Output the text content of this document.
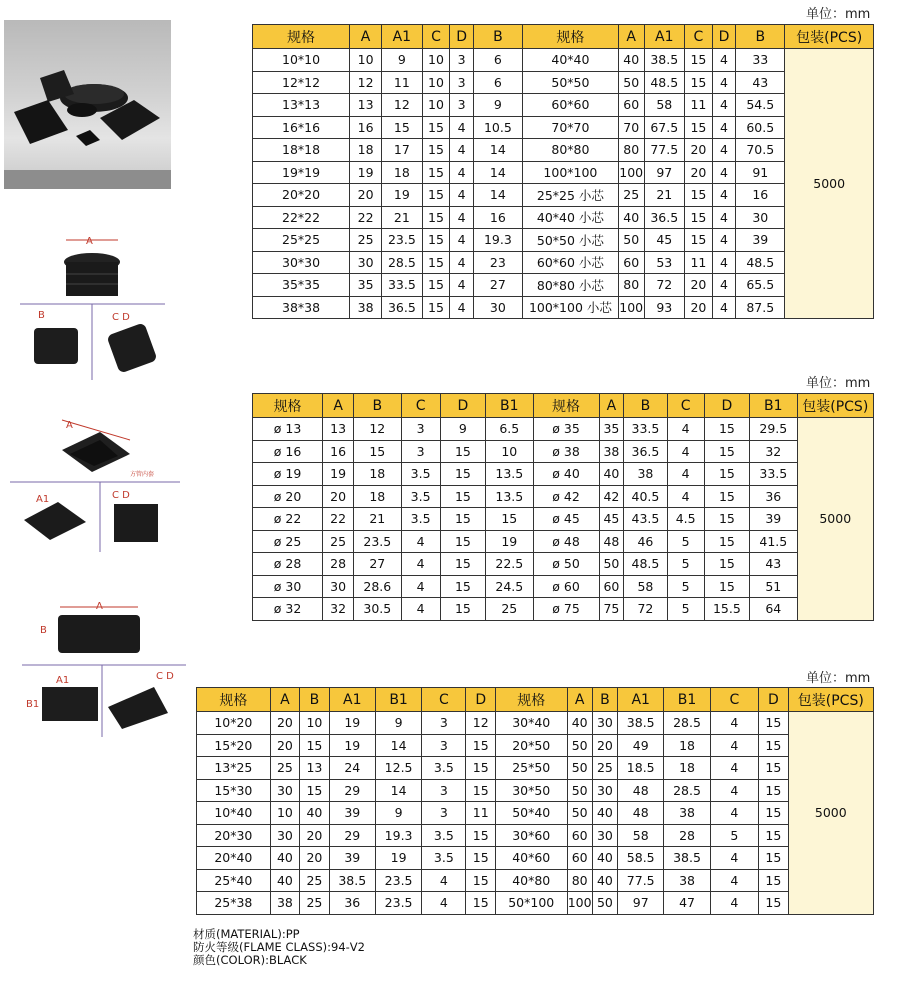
A
B	C D
A
方管内套
A1	C D
A
B
A1
B1
C D
单位：mm
单位：mm
单位：mm
规格	A	A1	C	D	B	规格	A	A1	C	D	B	包装(PCS)
10*10	10	9	10	3	6	40*40	40	38.5	15	4	33	5000
12*12	12	11	10	3	6	50*50	50	48.5	15	4	43	
13*13	13	12	10	3	9	60*60	60	58	11	4	54.5	
16*16	16	15	15	4	10.5	70*70	70	67.5	15	4	60.5	
18*18	18	17	15	4	14	80*80	80	77.5	20	4	70.5	
19*19	19	18	15	4	14	100*100	100	97	20	4	91	
20*20	20	19	15	4	14	25*25 小芯	25	21	15	4	16	
22*22	22	21	15	4	16	40*40 小芯	40	36.5	15	4	30	
25*25	25	23.5	15	4	19.3	50*50 小芯	50	45	15	4	39	
30*30	30	28.5	15	4	23	60*60 小芯	60	53	11	4	48.5	
35*35	35	33.5	15	4	27	80*80 小芯	80	72	20	4	65.5	
38*38	38	36.5	15	4	30	100*100 小芯	100	93	20	4	87.5	
规格	A	B	C	D	B1	规格	A	B	C	D	B1	包装(PCS)
ø 13	13	12	3	9	6.5	ø 35	35	33.5	4	15	29.5	5000
ø 16	16	15	3	15	10	ø 38	38	36.5	4	15	32	
ø 19	19	18	3.5	15	13.5	ø 40	40	38	4	15	33.5	
ø 20	20	18	3.5	15	13.5	ø 42	42	40.5	4	15	36	
ø 22	22	21	3.5	15	15	ø 45	45	43.5	4.5	15	39	
ø 25	25	23.5	4	15	19	ø 48	48	46	5	15	41.5	
ø 28	28	27	4	15	22.5	ø 50	50	48.5	5	15	43	
ø 30	30	28.6	4	15	24.5	ø 60	60	58	5	15	51	
ø 32	32	30.5	4	15	25	ø 75	75	72	5	15.5	64	
规格	A	B	A1	B1	C	D	规格	A	B	A1	B1	C	D	包装(PCS)
10*20	20	10	19	9	3	12	30*40	40	30	38.5	28.5	4	15	5000
15*20	20	15	19	14	3	15	20*50	50	20	49	18	4	15	
13*25	25	13	24	12.5	3.5	15	25*50	50	25	18.5	18	4	15	
15*30	30	15	29	14	3	15	30*50	50	30	48	28.5	4	15	
10*40	10	40	39	9	3	11	50*40	50	40	48	38	4	15	
20*30	30	20	29	19.3	3.5	15	30*60	60	30	58	28	5	15	
20*40	40	20	39	19	3.5	15	40*60	60	40	58.5	38.5	4	15	
25*40	40	25	38.5	23.5	4	15	40*80	80	40	77.5	38	4	15	
25*38	38	25	36	23.5	4	15	50*100	100	50	97	47	4	15	
材质(MATERIAL):PP
防火等级(FLAME CLASS):94-V2
颜色(COLOR):BLACK
